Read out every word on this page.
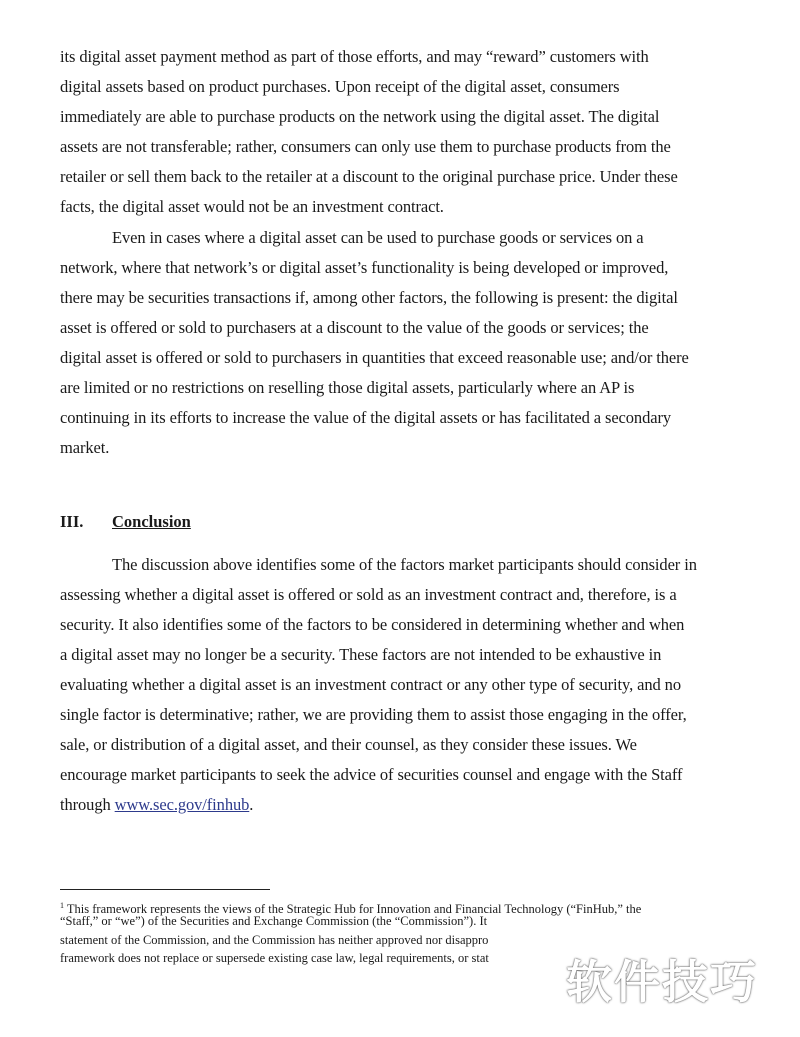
its digital asset payment method as part of those efforts, and may “reward” customers with
digital assets based on product purchases. Upon receipt of the digital asset, consumers
immediately are able to purchase products on the network using the digital asset. The digital
assets are not transferable; rather, consumers can only use them to purchase products from the
retailer or sell them back to the retailer at a discount to the original purchase price. Under these
facts, the digital asset would not be an investment contract.
Even in cases where a digital asset can be used to purchase goods or services on a
network, where that network’s or digital asset’s functionality is being developed or improved,
there may be securities transactions if, among other factors, the following is present: the digital
asset is offered or sold to purchasers at a discount to the value of the goods or services; the
digital asset is offered or sold to purchasers in quantities that exceed reasonable use; and/or there
are limited or no restrictions on reselling those digital assets, particularly where an AP is
continuing in its efforts to increase the value of the digital assets or has facilitated a secondary
market.
III. Conclusion
The discussion above identifies some of the factors market participants should consider in
assessing whether a digital asset is offered or sold as an investment contract and, therefore, is a
security. It also identifies some of the factors to be considered in determining whether and when
a digital asset may no longer be a security. These factors are not intended to be exhaustive in
evaluating whether a digital asset is an investment contract or any other type of security, and no
single factor is determinative; rather, we are providing them to assist those engaging in the offer,
sale, or distribution of a digital asset, and their counsel, as they consider these issues. We
encourage market participants to seek the advice of securities counsel and engage with the Staff
through www.sec.gov/finhub.
$^1$ This framework represents the views of the Strategic Hub for Innovation and Financial Technology (“FinHub,” the
“Staff,” or “we”) of the Securities and Exchange Commission (the “Commission”). It
statement of the Commission, and the Commission has neither approved nor disappro
framework does not replace or supersede existing case law, legal requirements, or stat 软件技巧
